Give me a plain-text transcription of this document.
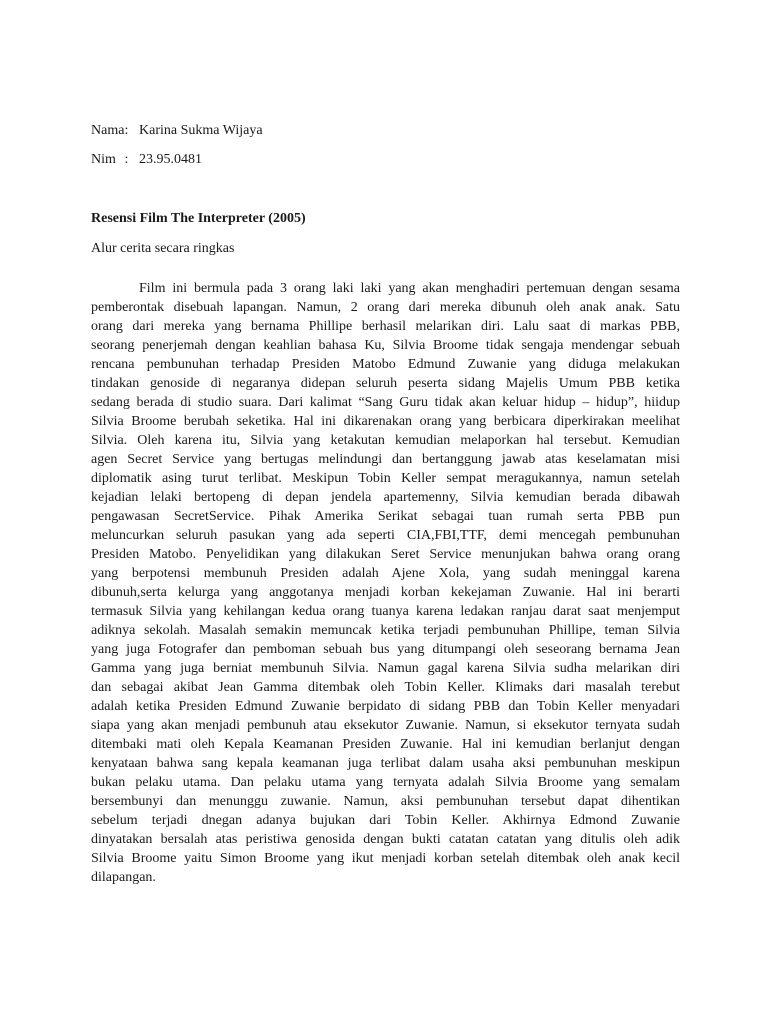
Nama : Karina Sukma Wijaya
Nim : 23.95.0481
Resensi Film The Interpreter (2005)
Alur cerita secara ringkas
Film ini bermula pada 3 orang laki laki yang akan menghadiri pertemuan dengan sesama
pemberontak disebuah lapangan. Namun, 2 orang dari mereka dibunuh oleh anak anak. Satu
orang dari mereka yang bernama Phillipe berhasil melarikan diri. Lalu saat di markas PBB,
seorang penerjemah dengan keahlian bahasa Ku, Silvia Broome tidak sengaja mendengar sebuah
rencana pembunuhan terhadap Presiden Matobo Edmund Zuwanie yang diduga melakukan
tindakan genoside di negaranya didepan seluruh peserta sidang Majelis Umum PBB ketika
sedang berada di studio suara. Dari kalimat “Sang Guru tidak akan keluar hidup – hidup”, hiidup
Silvia Broome berubah seketika. Hal ini dikarenakan orang yang berbicara diperkirakan meelihat
Silvia. Oleh karena itu, Silvia yang ketakutan kemudian melaporkan hal tersebut. Kemudian
agen Secret Service yang bertugas melindungi dan bertanggung jawab atas keselamatan misi
diplomatik asing turut terlibat. Meskipun Tobin Keller sempat meragukannya, namun setelah
kejadian lelaki bertopeng di depan jendela apartemenny, Silvia kemudian berada dibawah
pengawasan SecretService. Pihak Amerika Serikat sebagai tuan rumah serta PBB pun
meluncurkan seluruh pasukan yang ada seperti CIA,FBI,TTF, demi mencegah pembunuhan
Presiden Matobo. Penyelidikan yang dilakukan Seret Service menunjukan bahwa orang orang
yang berpotensi membunuh Presiden adalah Ajene Xola, yang sudah meninggal karena
dibunuh,serta kelurga yang anggotanya menjadi korban kekejaman Zuwanie. Hal ini berarti
termasuk Silvia yang kehilangan kedua orang tuanya karena ledakan ranjau darat saat menjemput
adiknya sekolah. Masalah semakin memuncak ketika terjadi pembunuhan Phillipe, teman Silvia
yang juga Fotografer dan pemboman sebuah bus yang ditumpangi oleh seseorang bernama Jean
Gamma yang juga berniat membunuh Silvia. Namun gagal karena Silvia sudha melarikan diri
dan sebagai akibat Jean Gamma ditembak oleh Tobin Keller. Klimaks dari masalah terebut
adalah ketika Presiden Edmund Zuwanie berpidato di sidang PBB dan Tobin Keller menyadari
siapa yang akan menjadi pembunuh atau eksekutor Zuwanie. Namun, si eksekutor ternyata sudah
ditembaki mati oleh Kepala Keamanan Presiden Zuwanie. Hal ini kemudian berlanjut dengan
kenyataan bahwa sang kepala keamanan juga terlibat dalam usaha aksi pembunuhan meskipun
bukan pelaku utama. Dan pelaku utama yang ternyata adalah Silvia Broome yang semalam
bersembunyi dan menunggu zuwanie. Namun, aksi pembunuhan tersebut dapat dihentikan
sebelum terjadi dnegan adanya bujukan dari Tobin Keller. Akhirnya Edmond Zuwanie
dinyatakan bersalah atas peristiwa genosida dengan bukti catatan catatan yang ditulis oleh adik
Silvia Broome yaitu Simon Broome yang ikut menjadi korban setelah ditembak oleh anak kecil
dilapangan.
